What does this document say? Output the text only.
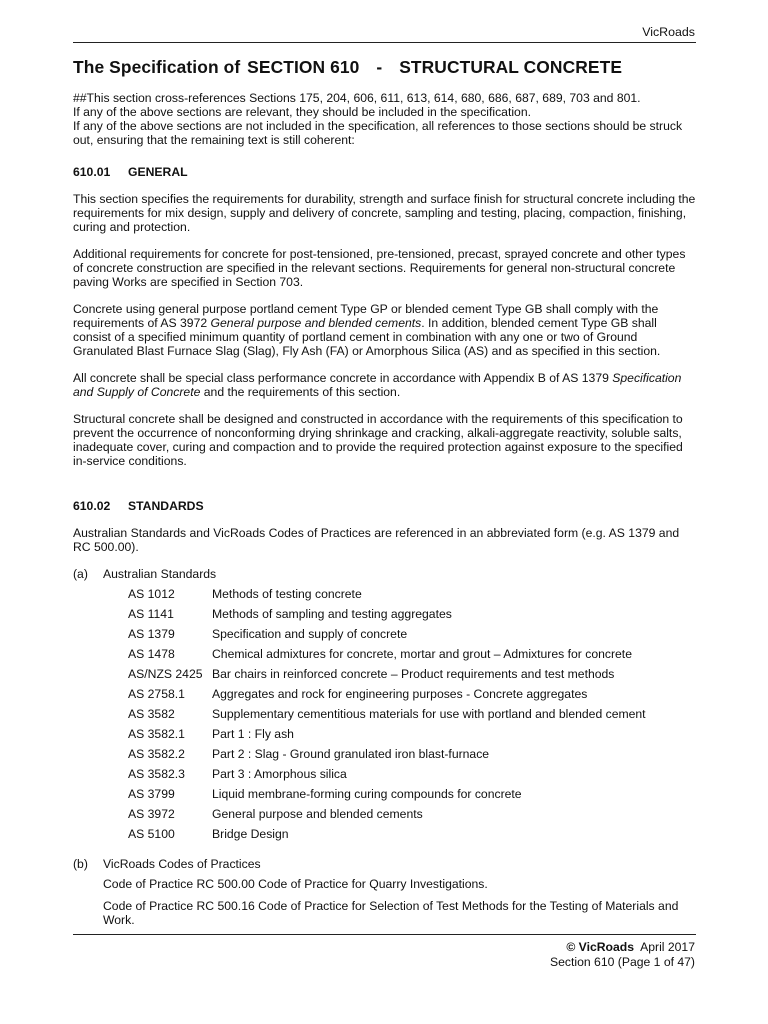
VicRoads
The Specification of SECTION 610 - STRUCTURAL CONCRETE

##This section cross-references Sections 175, 204, 606, 611, 613, 614, 680, 686, 687, 689, 703 and 801.
If any of the above sections are relevant, they should be included in the specification.
If any of the above sections are not included in the specification, all references to those sections should be struck out, ensuring that the remaining text is still coherent:

610.01 GENERAL

This section specifies the requirements for durability, strength and surface finish for structural concrete including the requirements for mix design, supply and delivery of concrete, sampling and testing, placing, compaction, finishing, curing and protection.

Additional requirements for concrete for post-tensioned, pre-tensioned, precast, sprayed concrete and other types of concrete construction are specified in the relevant sections. Requirements for general non-structural concrete paving Works are specified in Section 703.

Concrete using general purpose portland cement Type GP or blended cement Type GB shall comply with the requirements of AS 3972 General purpose and blended cements. In addition, blended cement Type GB shall consist of a specified minimum quantity of portland cement in combination with any one or two of Ground Granulated Blast Furnace Slag (Slag), Fly Ash (FA) or Amorphous Silica (AS) and as specified in this section.

All concrete shall be special class performance concrete in accordance with Appendix B of AS 1379 Specification and Supply of Concrete and the requirements of this section.

Structural concrete shall be designed and constructed in accordance with the requirements of this specification to prevent the occurrence of nonconforming drying shrinkage and cracking, alkali-aggregate reactivity, soluble salts, inadequate cover, curing and compaction and to provide the required protection against exposure to the specified in-service conditions.

610.02 STANDARDS

Australian Standards and VicRoads Codes of Practices are referenced in an abbreviated form (e.g. AS 1379 and RC 500.00).

(a)	Australian Standards
AS 1012	Methods of testing concrete
AS 1141	Methods of sampling and testing aggregates
AS 1379	Specification and supply of concrete
AS 1478	Chemical admixtures for concrete, mortar and grout – Admixtures for concrete
AS/NZS 2425 Bar chairs in reinforced concrete – Product requirements and test methods
AS 2758.1	Aggregates and rock for engineering purposes - Concrete aggregates
AS 3582	Supplementary cementitious materials for use with portland and blended cement
AS 3582.1	Part 1 : Fly ash
AS 3582.2	Part 2 : Slag - Ground granulated iron blast-furnace
AS 3582.3	Part 3 : Amorphous silica
AS 3799	Liquid membrane-forming curing compounds for concrete
AS 3972	General purpose and blended cements
AS 5100	Bridge Design
(b)	VicRoads Codes of Practices
Code of Practice RC 500.00 Code of Practice for Quarry Investigations.
Code of Practice RC 500.16 Code of Practice for Selection of Test Methods for the Testing of Materials and Work.
© VicRoads April 2017
Section 610 (Page 1 of 47)
